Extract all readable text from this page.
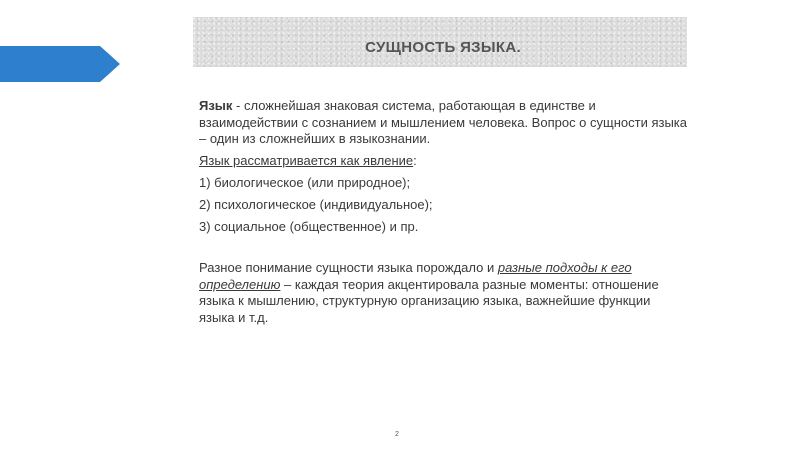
СУЩНОСТЬ ЯЗЫКА.

Язык - сложнейшая знаковая система, работающая в единстве и взаимодействии с сознанием и мышлением человека. Вопрос о сущности языка – один из сложнейших в языкознании.

Язык рассматривается как явление:

1) биологическое (или природное);

2) психологическое (индивидуальное);

3) социальное (общественное) и пр.

Разное понимание сущности языка порождало и разные подходы к его определению – каждая теория акцентировала разные моменты: отношение языка к мышлению, структурную организацию языка, важнейшие функции языка и т.д.

2
